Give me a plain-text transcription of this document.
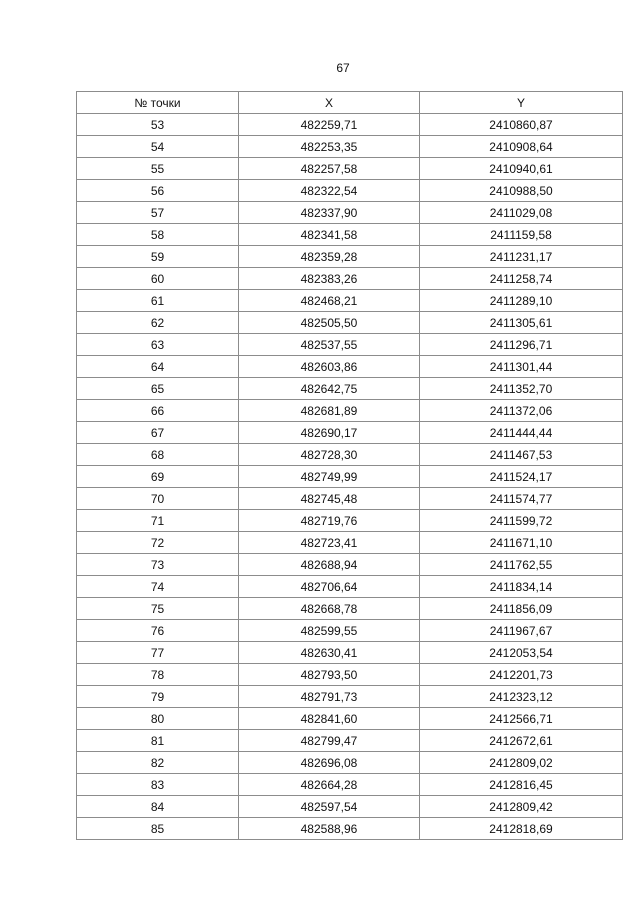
67
№ точки	X	Y
53	482259,71	2410860,87
54	482253,35	2410908,64
55	482257,58	2410940,61
56	482322,54	2410988,50
57	482337,90	2411029,08
58	482341,58	2411159,58
59	482359,28	2411231,17
60	482383,26	2411258,74
61	482468,21	2411289,10
62	482505,50	2411305,61
63	482537,55	2411296,71
64	482603,86	2411301,44
65	482642,75	2411352,70
66	482681,89	2411372,06
67	482690,17	2411444,44
68	482728,30	2411467,53
69	482749,99	2411524,17
70	482745,48	2411574,77
71	482719,76	2411599,72
72	482723,41	2411671,10
73	482688,94	2411762,55
74	482706,64	2411834,14
75	482668,78	2411856,09
76	482599,55	2411967,67
77	482630,41	2412053,54
78	482793,50	2412201,73
79	482791,73	2412323,12
80	482841,60	2412566,71
81	482799,47	2412672,61
82	482696,08	2412809,02
83	482664,28	2412816,45
84	482597,54	2412809,42
85	482588,96	2412818,69
